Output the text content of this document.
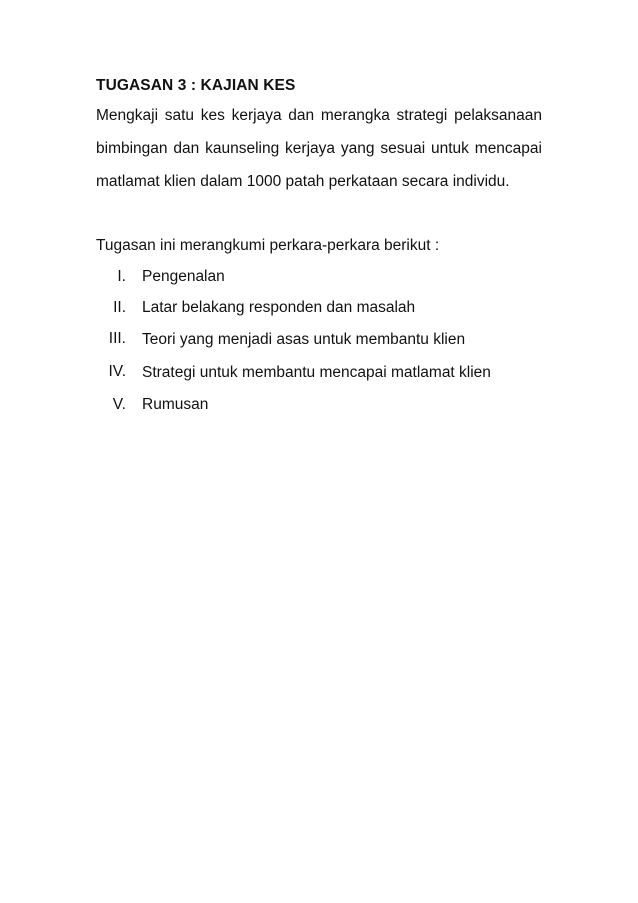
TUGASAN 3 : KAJIAN KES

Mengkaji satu kes kerjaya dan merangka strategi pelaksanaan bimbingan dan kaunseling kerjaya yang sesuai untuk mencapai matlamat klien dalam 1000 patah perkataan secara individu.

Tugasan ini merangkumi perkara-perkara berikut :

I. Pengenalan
II. Latar belakang responden dan masalah
III. Teori yang menjadi asas untuk membantu klien
IV. Strategi untuk membantu mencapai matlamat klien
V. Rumusan
